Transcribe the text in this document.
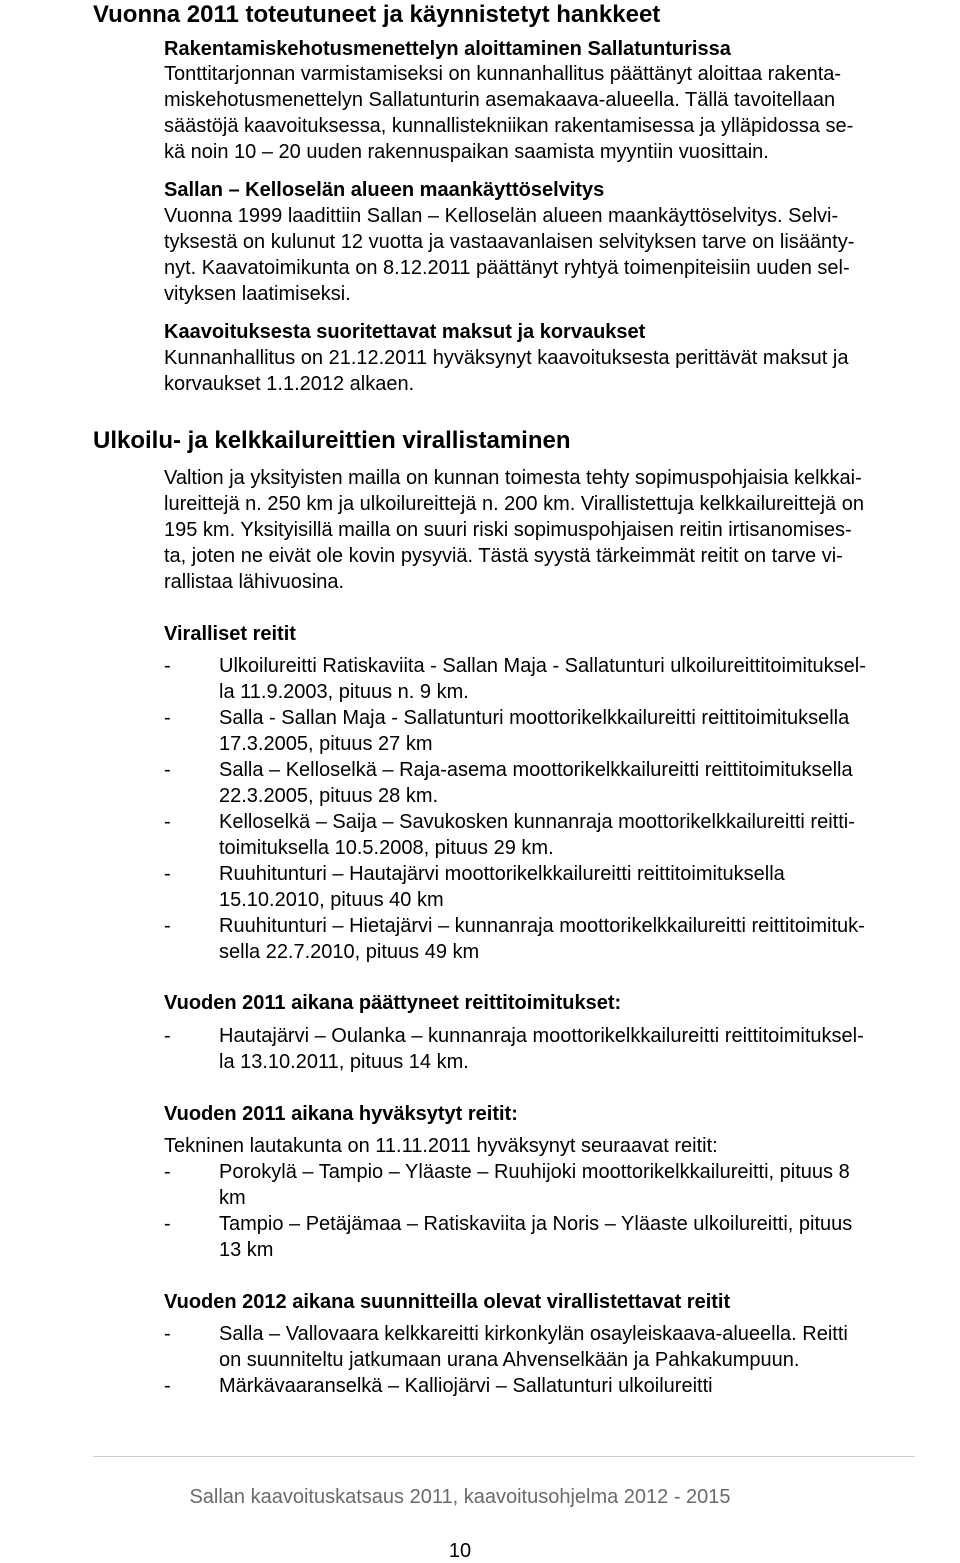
Vuonna 2011 toteutuneet ja käynnistetyt hankkeet
Rakentamiskehotusmenettelyn aloittaminen Sallatunturissa
Tonttitarjonnan varmistamiseksi on kunnanhallitus päättänyt aloittaa rakenta-
miskehotusmenettelyn Sallatunturin asemakaava-alueella. Tällä tavoitellaan
säästöjä kaavoituksessa, kunnallistekniikan rakentamisessa ja ylläpidossa se-
kä noin 10 – 20 uuden rakennuspaikan saamista myyntiin vuosittain.
Sallan – Kelloselän alueen maankäyttöselvitys
Vuonna 1999 laadittiin Sallan – Kelloselän alueen maankäyttöselvitys. Selvi-
tyksestä on kulunut 12 vuotta ja vastaavanlaisen selvityksen tarve on lisäänty-
nyt. Kaavatoimikunta on 8.12.2011 päättänyt ryhtyä toimenpiteisiin uuden sel-
vityksen laatimiseksi.
Kaavoituksesta suoritettavat maksut ja korvaukset
Kunnanhallitus on 21.12.2011 hyväksynyt kaavoituksesta perittävät maksut ja
korvaukset 1.1.2012 alkaen.
Ulkoilu- ja kelkkailureittien virallistaminen
Valtion ja yksityisten mailla on kunnan toimesta tehty sopimuspohjaisia kelkkai-
lureittejä n. 250 km ja ulkoilureittejä n. 200 km. Virallistettuja kelkkailureittejä on
195 km. Yksityisillä mailla on suuri riski sopimuspohjaisen reitin irtisanomises-
ta, joten ne eivät ole kovin pysyviä. Tästä syystä tärkeimmät reitit on tarve vi-
rallistaa lähivuosina.
Viralliset reitit
- Ulkoilureitti Ratiskaviita - Sallan Maja - Sallatunturi ulkoilureittitoimituksel-
la 11.9.2003, pituus n. 9 km.
- Salla - Sallan Maja - Sallatunturi moottorikelkkailureitti reittitoimituksella
17.3.2005, pituus 27 km
- Salla – Kelloselkä – Raja-asema moottorikelkkailureitti reittitoimituksella
22.3.2005, pituus 28 km.
- Kelloselkä – Saija – Savukosken kunnanraja moottorikelkkailureitti reitti-
toimituksella 10.5.2008, pituus 29 km.
- Ruuhitunturi – Hautajärvi moottorikelkkailureitti reittitoimituksella
15.10.2010, pituus 40 km
- Ruuhitunturi – Hietajärvi – kunnanraja moottorikelkkailureitti reittitoimituk-
sella 22.7.2010, pituus 49 km
Vuoden 2011 aikana päättyneet reittitoimitukset:
- Hautajärvi – Oulanka – kunnanraja moottorikelkkailureitti reittitoimituksel-
la 13.10.2011, pituus 14 km.
Vuoden 2011 aikana hyväksytyt reitit:
Tekninen lautakunta on 11.11.2011 hyväksynyt seuraavat reitit:
- Porokylä – Tampio – Yläaste – Ruuhijoki moottorikelkkailureitti, pituus 8
km
- Tampio – Petäjämaa – Ratiskaviita ja Noris – Yläaste ulkoilureitti, pituus
13 km
Vuoden 2012 aikana suunnitteilla olevat virallistettavat reitit
- Salla – Vallovaara kelkkareitti kirkonkylän osayleiskaava-alueella. Reitti
on suunniteltu jatkumaan urana Ahvenselkään ja Pahkakumpuun.
- Märkävaaranselkä – Kalliojärvi – Sallatunturi ulkoilureitti
Sallan kaavoituskatsaus 2011, kaavoitusohjelma 2012 - 2015
10
